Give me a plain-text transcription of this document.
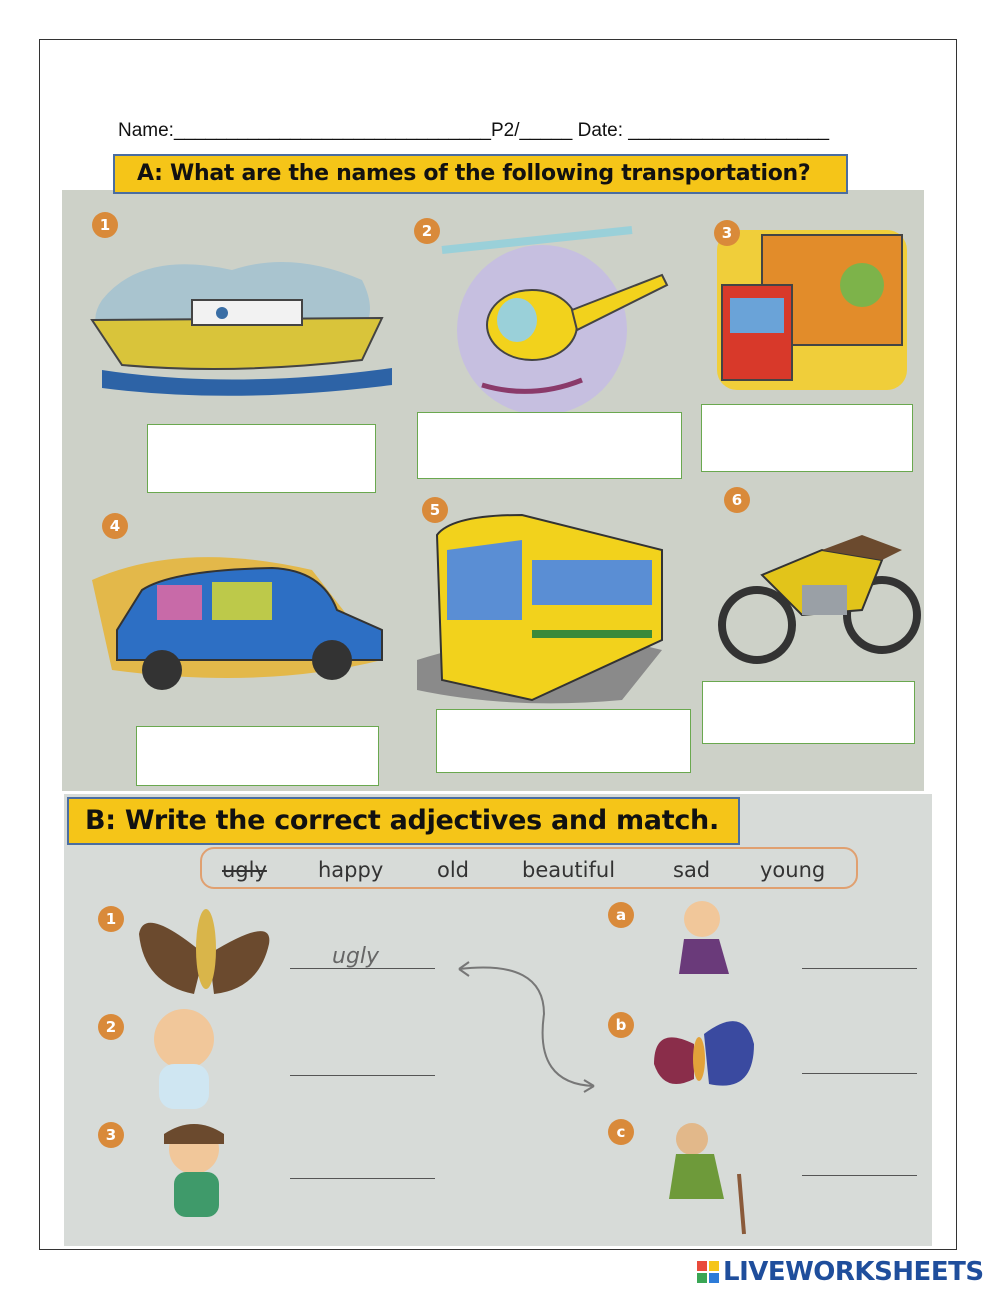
Name:______________________________P2/_____ Date: ___________________
1	2	3
4
5
6
A: What are the names of the following transportation?
1
2
3
a
b
c
ugly happy	old	beautiful	sad young
ugly
B: Write the correct adjectives and match.
LIVEWORKSHEETS
